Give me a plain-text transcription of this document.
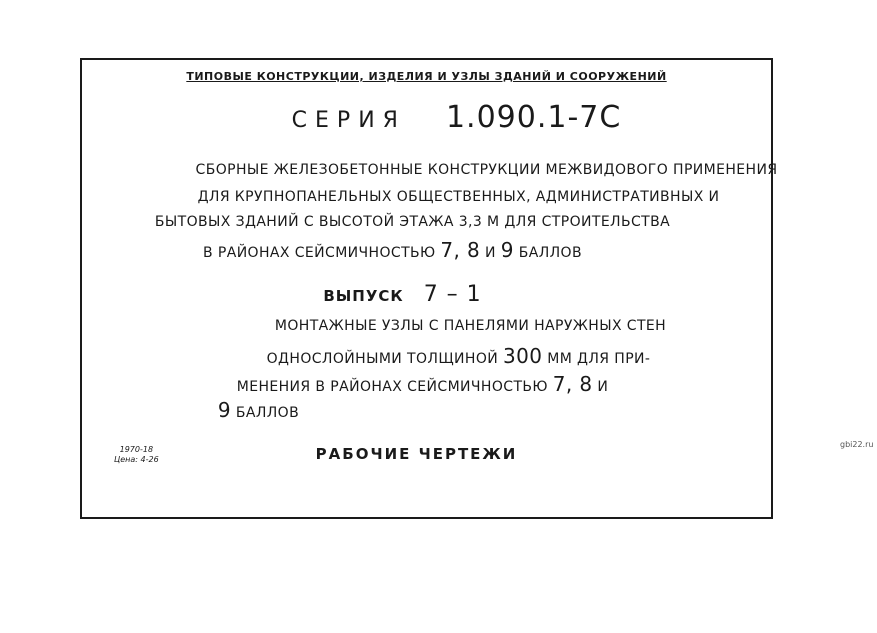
ТИПОВЫЕ КОНСТРУКЦИИ, ИЗДЕЛИЯ И УЗЛЫ ЗДАНИЙ И СООРУЖЕНИЙ
СЕРИЯ 1.090.1-7С
СБОРНЫЕ ЖЕЛЕЗОБЕТОННЫЕ КОНСТРУКЦИИ МЕЖВИДОВОГО ПРИМЕНЕНИЯ
ДЛЯ КРУПНОПАНЕЛЬНЫХ ОБЩЕСТВЕННЫХ, АДМИНИСТРАТИВНЫХ И
БЫТОВЫХ ЗДАНИЙ С ВЫСОТОЙ ЭТАЖА 3,3 М ДЛЯ СТРОИТЕЛЬСТВА
В РАЙОНАХ СЕЙСМИЧНОСТЬЮ 7, 8 И 9 БАЛЛОВ
ВЫПУСК 7 – 1
МОНТАЖНЫЕ УЗЛЫ С ПАНЕЛЯМИ НАРУЖНЫХ СТЕН
ОДНОСЛОЙНЫМИ ТОЛЩИНОЙ 300 ММ ДЛЯ ПРИ-
МЕНЕНИЯ В РАЙОНАХ СЕЙСМИЧНОСТЬЮ 7, 8 И
9 БАЛЛОВ
РАБОЧИЕ ЧЕРТЕЖИ
1970-18
Цена: 4-26
gbi22.ru
